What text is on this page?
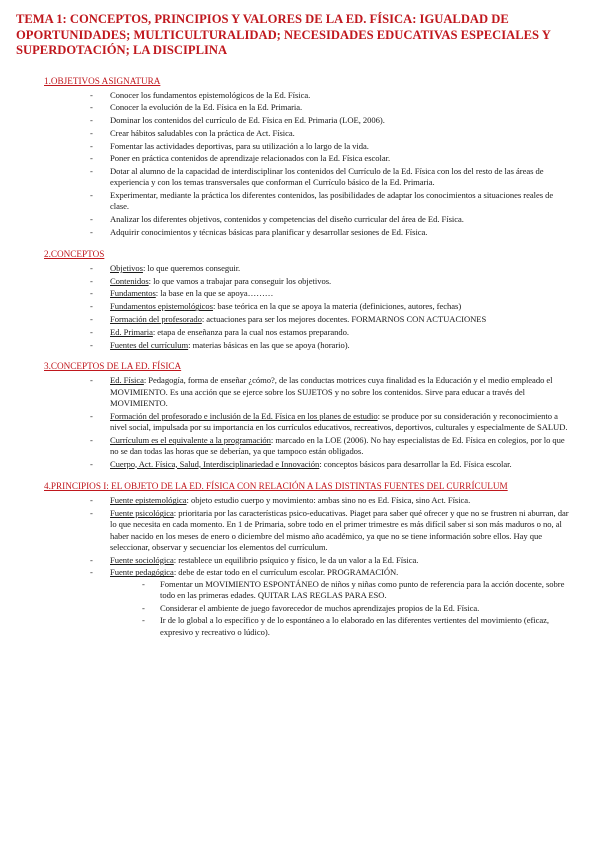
TEMA 1: CONCEPTOS, PRINCIPIOS Y VALORES DE LA ED. FÍSICA: IGUALDAD DE OPORTUNIDADES; MULTICULTURALIDAD; NECESIDADES EDUCATIVAS ESPECIALES Y SUPERDOTACIÓN; LA DISCIPLINA
1.OBJETIVOS ASIGNATURA
- Conocer los fundamentos epistemológicos de la Ed. Física.
- Conocer la evolución de la Ed. Física en la Ed. Primaria.
- Dominar los contenidos del currículo de Ed. Física en Ed. Primaria (LOE, 2006).
- Crear hábitos saludables con la práctica de Act. Física.
- Fomentar las actividades deportivas, para su utilización a lo largo de la vida.
- Poner en práctica contenidos de aprendizaje relacionados con la Ed. Física escolar.
- Dotar al alumno de la capacidad de interdisciplinar los contenidos del Currículo de la Ed. Física con los del resto de las áreas de experiencia y con los temas transversales que conforman el Currículo básico de la Ed. Primaria.
- Experimentar, mediante la práctica los diferentes contenidos, las posibilidades de adaptar los conocimientos a situaciones reales de clase.
- Analizar los diferentes objetivos, contenidos y competencias del diseño curricular del área de Ed. Física.
- Adquirir conocimientos y técnicas básicas para planificar y desarrollar sesiones de Ed. Física.
2.CONCEPTOS
- Objetivos: lo que queremos conseguir.
- Contenidos: lo que vamos a trabajar para conseguir los objetivos.
- Fundamentos: la base en la que se apoya………
- Fundamentos epistemológicos: base teórica en la que se apoya la materia (definiciones, autores, fechas)
- Formación del profesorado: actuaciones para ser los mejores docentes. FORMARNOS CON ACTUACIONES
- Ed. Primaria: etapa de enseñanza para la cual nos estamos preparando.
- Fuentes del currículum: materias básicas en las que se apoya (horario).
3.CONCEPTOS DE LA ED. FÍSICA
- Ed. Física: Pedagogía, forma de enseñar ¿cómo?, de las conductas motrices cuya finalidad es la Educación y el medio empleado el MOVIMIENTO. Es una acción que se ejerce sobre los SUJETOS y no sobre los contenidos. Sirve para educar a través del MOVIMIENTO.
- Formación del profesorado e inclusión de la Ed. Física en los planes de estudio: se produce por su consideración y reconocimiento a nivel social, impulsada por su importancia en los currículos educativos, recreativos, deportivos, culturales y especialmente de SALUD.
- Currículum es el equivalente a la programación: marcado en la LOE (2006). No hay especialistas de Ed. Física en colegios, por lo que no se dan todas las horas que se deberían, ya que tampoco están obligados.
- Cuerpo, Act. Física, Salud, Interdisciplinariedad e Innovación: conceptos básicos para desarrollar la Ed. Física escolar.
4.PRINCIPIOS I: EL OBJETO DE LA ED. FÍSICA CON RELACIÓN A LAS DISTINTAS FUENTES DEL CURRÍCULUM
- Fuente epistemológica: objeto estudio cuerpo y movimiento: ambas sino no es Ed. Física, sino Act. Física.
- Fuente psicológica: prioritaria por las características psico-educativas. Piaget para saber qué ofrecer y que no se frustren ni aburran, dar lo que necesita en cada momento. En 1 de Primaria, sobre todo en el primer trimestre es más difícil saber si son más maduros o no, al haber nacido en los meses de enero o diciembre del mismo año académico, ya que no se tiene información sobre ellos. Hay que seleccionar, observar y secuenciar los elementos del currículum.
- Fuente sociológica: restablece un equilibrio psíquico y físico, le da un valor a la Ed. Física.
- Fuente pedagógica: debe de estar todo en el currículum escolar. PROGRAMACIÓN.
- Fomentar un MOVIMIENTO ESPONTÁNEO de niños y niñas como punto de referencia para la acción docente, sobre todo en las primeras edades. QUITAR LAS REGLAS PARA ESO.
- Considerar el ambiente de juego favorecedor de muchos aprendizajes propios de la Ed. Física.
- Ir de lo global a lo específico y de lo espontáneo a lo elaborado en las diferentes vertientes del movimiento (eficaz, expresivo y recreativo o lúdico).
